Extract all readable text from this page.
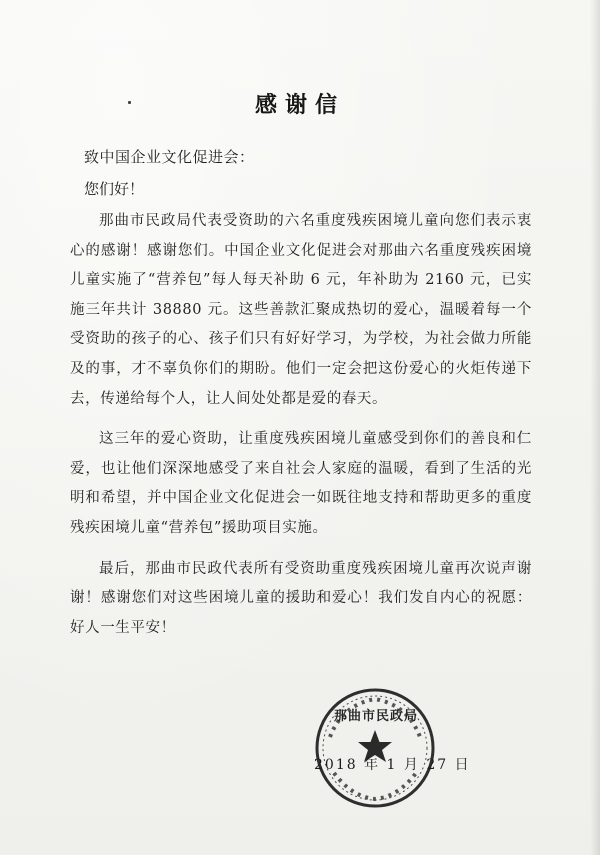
感谢信
致中国企业文化促进会：
您们好！

那曲市民政局代表受资助的六名重度残疾困境儿童向您们表示衷心的感谢！感谢您们。中国企业文化促进会对那曲六名重度残疾困境儿童实施了“营养包”每人每天补助 6 元，年补助为 2160 元，已实施三年共计 38880 元。这些善款汇聚成热切的爱心，温暖着每一个受资助的孩子的心、孩子们只有好好学习，为学校，为社会做力所能及的事，才不辜负你们的期盼。他们一定会把这份爱心的火炬传递下去，传递给每个人，让人间处处都是爱的春天。

这三年的爱心资助，让重度残疾困境儿童感受到你们的善良和仁爱，也让他们深深地感受了来自社会人家庭的温暖，看到了生活的光明和希望，并中国企业文化促进会一如既往地支持和帮助更多的重度残疾困境儿童“营养包”援助项目实施。

最后，那曲市民政代表所有受资助重度残疾困境儿童再次说声谢谢！感谢您们对这些困境儿童的援助和爱心！我们发自内心的祝愿：好人一生平安！

那曲市民政局
2018 年 1 月 27 日
